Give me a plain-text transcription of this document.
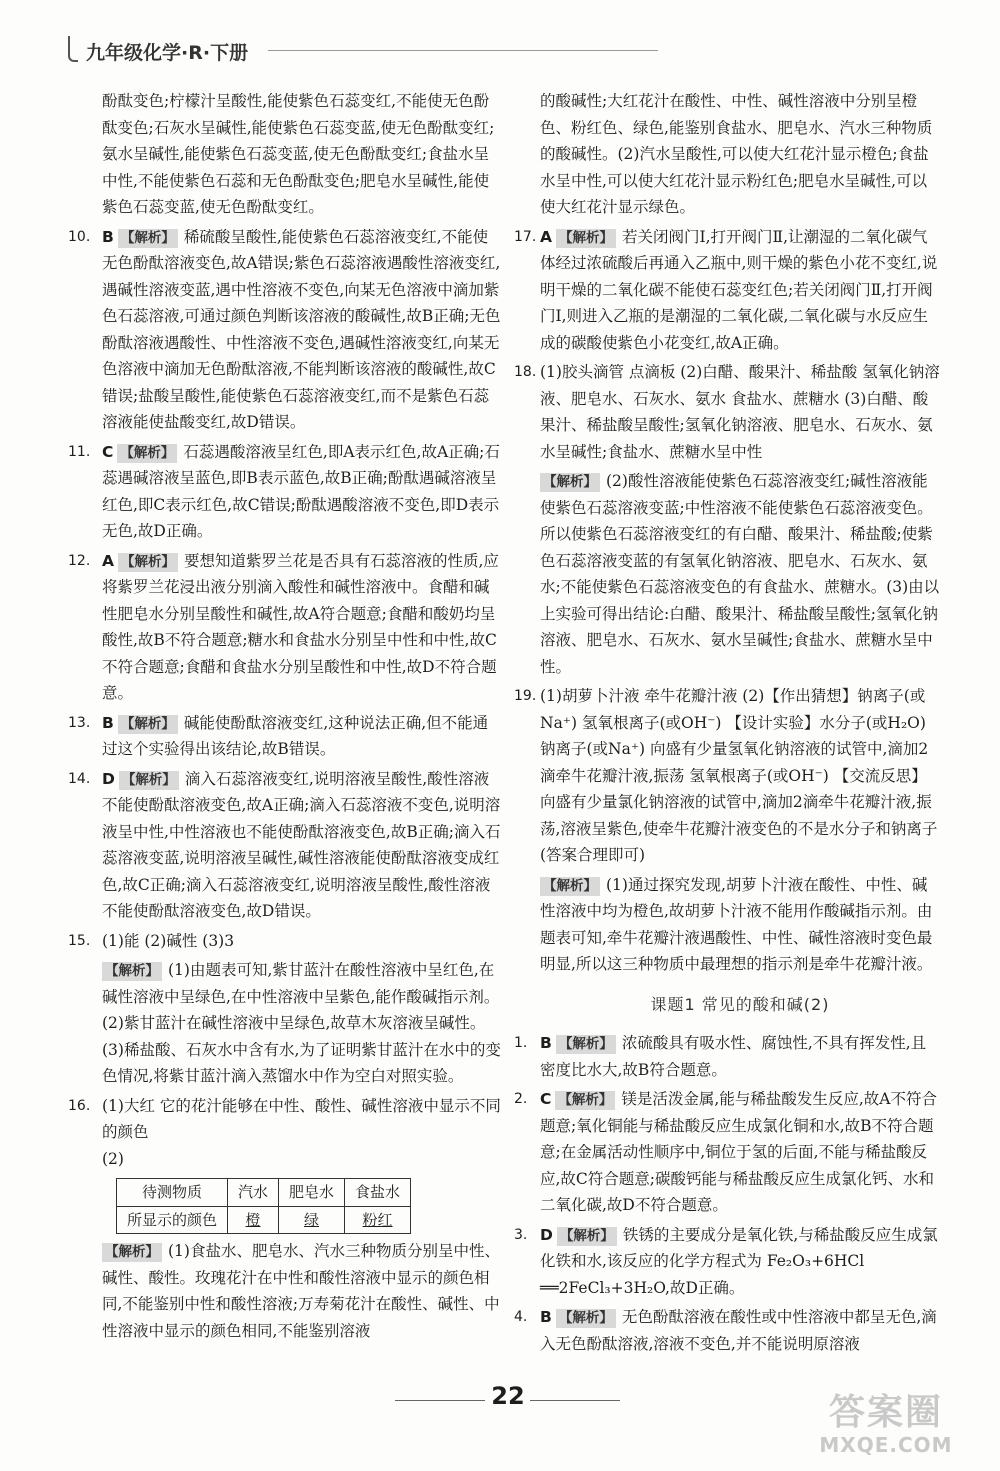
九年级化学·R·下册
酚酞变色;柠檬汁呈酸性,能使紫色石蕊变红,不能使无色酚酞变色;石灰水呈碱性,能使紫色石蕊变蓝,使无色酚酞变红;氨水呈碱性,能使紫色石蕊变蓝,使无色酚酞变红;食盐水呈中性,不能使紫色石蕊和无色酚酞变色;肥皂水呈碱性,能使紫色石蕊变蓝,使无色酚酞变红。
10. B 【解析】 稀硫酸呈酸性,能使紫色石蕊溶液变红,不能使无色酚酞溶液变色,故A错误;紫色石蕊溶液遇酸性溶液变红,遇碱性溶液变蓝,遇中性溶液不变色,向某无色溶液中滴加紫色石蕊溶液,可通过颜色判断该溶液的酸碱性,故B正确;无色酚酞溶液遇酸性、中性溶液不变色,遇碱性溶液变红,向某无色溶液中滴加无色酚酞溶液,不能判断该溶液的酸碱性,故C错误;盐酸呈酸性,能使紫色石蕊溶液变红,而不是紫色石蕊溶液能使盐酸变红,故D错误。
11. C 【解析】 石蕊遇酸溶液呈红色,即A表示红色,故A正确;石蕊遇碱溶液呈蓝色,即B表示蓝色,故B正确;酚酞遇碱溶液呈红色,即C表示红色,故C错误;酚酞遇酸溶液不变色,即D表示无色,故D正确。
12. A 【解析】 要想知道紫罗兰花是否具有石蕊溶液的性质,应将紫罗兰花浸出液分别滴入酸性和碱性溶液中。食醋和碱性肥皂水分别呈酸性和碱性,故A符合题意;食醋和酸奶均呈酸性,故B不符合题意;糖水和食盐水分别呈中性和中性,故C不符合题意;食醋和食盐水分别呈酸性和中性,故D不符合题意。
13. B 【解析】 碱能使酚酞溶液变红,这种说法正确,但不能通过这个实验得出该结论,故B错误。
14. D 【解析】 滴入石蕊溶液变红,说明溶液呈酸性,酸性溶液不能使酚酞溶液变色,故A正确;滴入石蕊溶液不变色,说明溶液呈中性,中性溶液也不能使酚酞溶液变色,故B正确;滴入石蕊溶液变蓝,说明溶液呈碱性,碱性溶液能使酚酞溶液变成红色,故C正确;滴入石蕊溶液变红,说明溶液呈酸性,酸性溶液不能使酚酞溶液变色,故D错误。
15. (1)能 (2)碱性 (3)3
【解析】 (1)由题表可知,紫甘蓝汁在酸性溶液中呈红色,在碱性溶液中呈绿色,在中性溶液中呈紫色,能作酸碱指示剂。(2)紫甘蓝汁在碱性溶液中呈绿色,故草木灰溶液呈碱性。(3)稀盐酸、石灰水中含有水,为了证明紫甘蓝汁在水中的变色情况,将紫甘蓝汁滴入蒸馏水中作为空白对照实验。
16. (1)大红 它的花汁能够在中性、酸性、碱性溶液中显示不同的颜色
(2)
待测物质	汽水	肥皂水	食盐水
所显示的颜色	橙	绿	粉红
【解析】 (1)食盐水、肥皂水、汽水三种物质分别呈中性、碱性、酸性。玫瑰花汁在中性和酸性溶液中显示的颜色相同,不能鉴别中性和酸性溶液;万寿菊花汁在酸性、碱性、中性溶液中显示的颜色相同,不能鉴别溶液
的酸碱性;大红花汁在酸性、中性、碱性溶液中分别呈橙色、粉红色、绿色,能鉴别食盐水、肥皂水、汽水三种物质的酸碱性。(2)汽水呈酸性,可以使大红花汁显示橙色;食盐水呈中性,可以使大红花汁显示粉红色;肥皂水呈碱性,可以使大红花汁显示绿色。
17. A 【解析】 若关闭阀门Ⅰ,打开阀门Ⅱ,让潮湿的二氧化碳气体经过浓硫酸后再通入乙瓶中,则干燥的紫色小花不变红,说明干燥的二氧化碳不能使石蕊变红色;若关闭阀门Ⅱ,打开阀门Ⅰ,则进入乙瓶的是潮湿的二氧化碳,二氧化碳与水反应生成的碳酸使紫色小花变红,故A正确。
18. (1)胶头滴管 点滴板 (2)白醋、酸果汁、稀盐酸 氢氧化钠溶液、肥皂水、石灰水、氨水 食盐水、蔗糖水 (3)白醋、酸果汁、稀盐酸呈酸性;氢氧化钠溶液、肥皂水、石灰水、氨水呈碱性;食盐水、蔗糖水呈中性
【解析】 (2)酸性溶液能使紫色石蕊溶液变红;碱性溶液能使紫色石蕊溶液变蓝;中性溶液不能使紫色石蕊溶液变色。所以使紫色石蕊溶液变红的有白醋、酸果汁、稀盐酸;使紫色石蕊溶液变蓝的有氢氧化钠溶液、肥皂水、石灰水、氨水;不能使紫色石蕊溶液变色的有食盐水、蔗糖水。(3)由以上实验可得出结论:白醋、酸果汁、稀盐酸呈酸性;氢氧化钠溶液、肥皂水、石灰水、氨水呈碱性;食盐水、蔗糖水呈中性。
19. (1)胡萝卜汁液 牵牛花瓣汁液 (2)【作出猜想】钠离子(或Na⁺) 氢氧根离子(或OH⁻) 【设计实验】水分子(或H₂O) 钠离子(或Na⁺) 向盛有少量氢氧化钠溶液的试管中,滴加2滴牵牛花瓣汁液,振荡 氢氧根离子(或OH⁻) 【交流反思】向盛有少量氯化钠溶液的试管中,滴加2滴牵牛花瓣汁液,振荡,溶液呈紫色,使牵牛花瓣汁液变色的不是水分子和钠离子(答案合理即可)
【解析】 (1)通过探究发现,胡萝卜汁液在酸性、中性、碱性溶液中均为橙色,故胡萝卜汁液不能用作酸碱指示剂。由题表可知,牵牛花瓣汁液遇酸性、中性、碱性溶液时变色最明显,所以这三种物质中最理想的指示剂是牵牛花瓣汁液。
课题1 常见的酸和碱(2)
1. B 【解析】 浓硫酸具有吸水性、腐蚀性,不具有挥发性,且密度比水大,故B符合题意。
2. C 【解析】 镁是活泼金属,能与稀盐酸发生反应,故A不符合题意;氧化铜能与稀盐酸反应生成氯化铜和水,故B不符合题意;在金属活动性顺序中,铜位于氢的后面,不能与稀盐酸反应,故C符合题意;碳酸钙能与稀盐酸反应生成氯化钙、水和二氧化碳,故D不符合题意。
3. D 【解析】 铁锈的主要成分是氧化铁,与稀盐酸反应生成氯化铁和水,该反应的化学方程式为 Fe₂O₃+6HCl ══2FeCl₃+3H₂O,故D正确。
4. B 【解析】 无色酚酞溶液在酸性或中性溶液中都呈无色,滴入无色酚酞溶液,溶液不变色,并不能说明原溶液
22	答案圈
MXQE.COM
